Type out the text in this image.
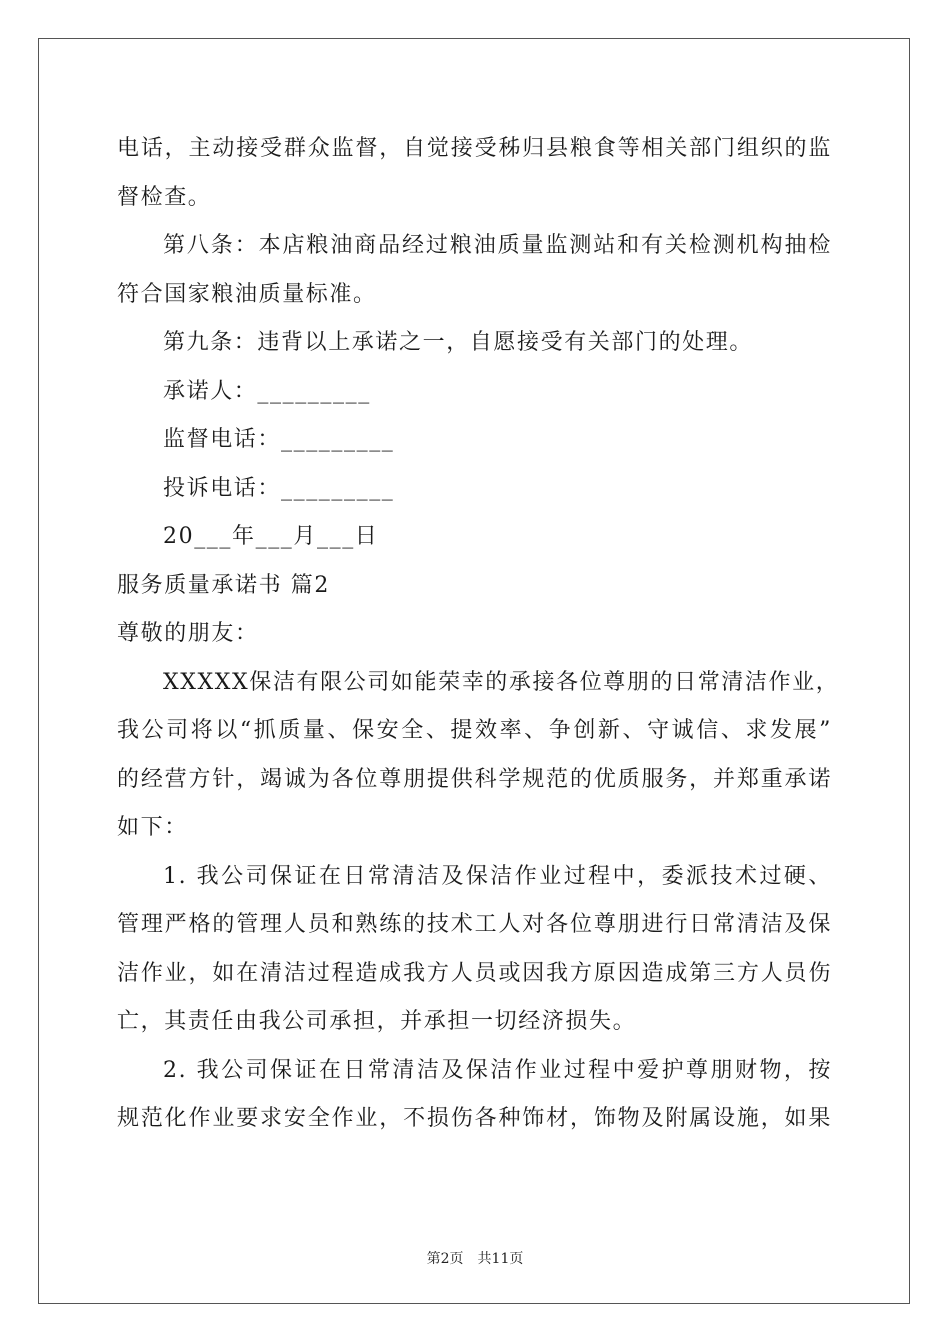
电话，主动接受群众监督，自觉接受秭归县粮食等相关部门组织的监
督检查。
第八条：本店粮油商品经过粮油质量监测站和有关检测机构抽检
符合国家粮油质量标准。
第九条：违背以上承诺之一，自愿接受有关部门的处理。
承诺人：_________
监督电话：_________
投诉电话：_________
20___年___月___日
服务质量承诺书 篇2
尊敬的朋友：
XXXXX保洁有限公司如能荣幸的承接各位尊朋的日常清洁作业，
我公司将以“抓质量、保安全、提效率、争创新、守诚信、求发展”
的经营方针，竭诚为各位尊朋提供科学规范的优质服务，并郑重承诺
如下：
1. 我公司保证在日常清洁及保洁作业过程中，委派技术过硬、
管理严格的管理人员和熟练的技术工人对各位尊朋进行日常清洁及保
洁作业，如在清洁过程造成我方人员或因我方原因造成第三方人员伤
亡，其责任由我公司承担，并承担一切经济损失。
2. 我公司保证在日常清洁及保洁作业过程中爱护尊朋财物，按
规范化作业要求安全作业，不损伤各种饰材，饰物及附属设施，如果
第2页　共11页
